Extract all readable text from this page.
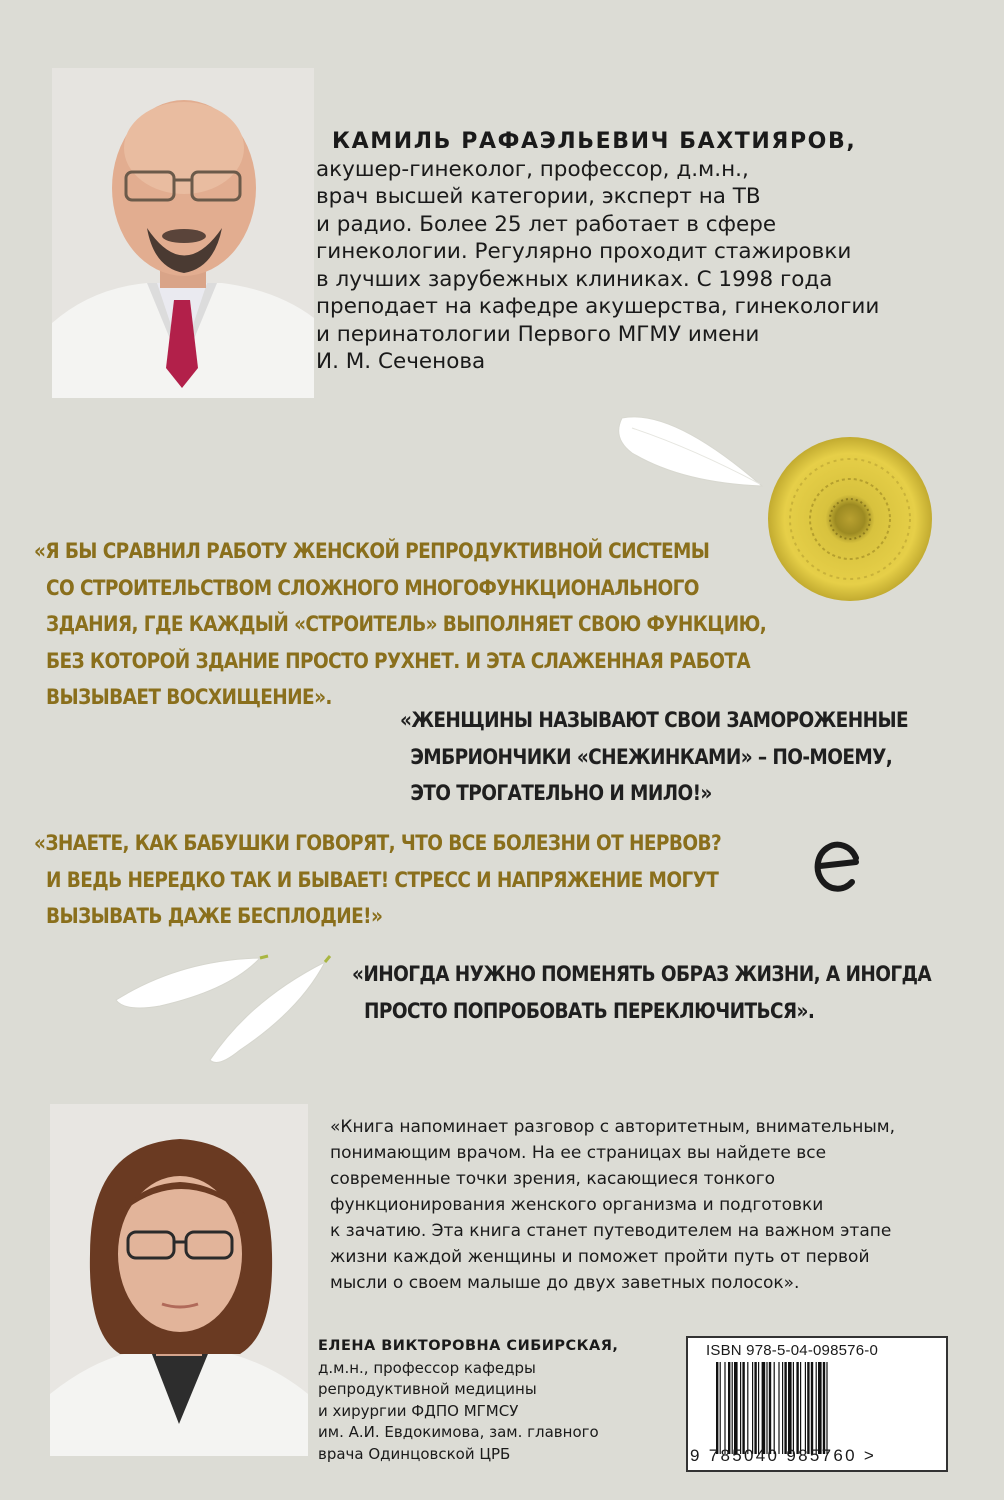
КАМИЛЬ РАФАЭЛЬЕВИЧ БАХТИЯРОВ,
акушер-гинеколог, профессор, д.м.н.,
врач высшей категории, эксперт на ТВ
и радио. Более 25 лет работает в сфере
гинекологии. Регулярно проходит стажировки
в лучших зарубежных клиниках. С 1998 года
преподает на кафедре акушерства, гинекологии
и перинатологии Первого МГМУ имени
И. М. Сеченова
«Я БЫ СРАВНИЛ РАБОТУ ЖЕНСКОЙ РЕПРОДУКТИВНОЙ СИСТЕМЫ
СО СТРОИТЕЛЬСТВОМ СЛОЖНОГО МНОГОФУНКЦИОНАЛЬНОГО
ЗДАНИЯ, ГДЕ КАЖДЫЙ «СТРОИТЕЛЬ» ВЫПОЛНЯЕТ СВОЮ ФУНКЦИЮ,
БЕЗ КОТОРОЙ ЗДАНИЕ ПРОСТО РУХНЕТ. И ЭТА СЛАЖЕННАЯ РАБОТА
ВЫЗЫВАЕТ ВОСХИЩЕНИЕ».
«ЖЕНЩИНЫ НАЗЫВАЮТ СВОИ ЗАМОРОЖЕННЫЕ
ЭМБРИОНЧИКИ «СНЕЖИНКАМИ» – ПО-МОЕМУ,
ЭТО ТРОГАТЕЛЬНО И МИЛО!»
«ЗНАЕТЕ, КАК БАБУШКИ ГОВОРЯТ, ЧТО ВСЕ БОЛЕЗНИ ОТ НЕРВОВ?
И ВЕДЬ НЕРЕДКО ТАК И БЫВАЕТ! СТРЕСС И НАПРЯЖЕНИЕ МОГУТ
ВЫЗЫВАТЬ ДАЖЕ БЕСПЛОДИЕ!»
«ИНОГДА НУЖНО ПОМЕНЯТЬ ОБРАЗ ЖИЗНИ, А ИНОГДА
ПРОСТО ПОПРОБОВАТЬ ПЕРЕКЛЮЧИТЬСЯ».
«Книга напоминает разговор с авторитетным, внимательным,
понимающим врачом. На ее страницах вы найдете все
современные точки зрения, касающиеся тонкого
функционирования женского организма и подготовки
к зачатию. Эта книга станет путеводителем на важном этапе
жизни каждой женщины и поможет пройти путь от первой
мысли о своем малыше до двух заветных полосок».
ЕЛЕНА ВИКТОРОВНА СИБИРСКАЯ,
д.м.н., профессор кафедры
репродуктивной медицины
и хирургии ФДПО МГМСУ
им. А.И. Евдокимова, зам. главного
врача Одинцовской ЦРБ
ISBN 978-5-04-098576-0
9 785040 985760 >
